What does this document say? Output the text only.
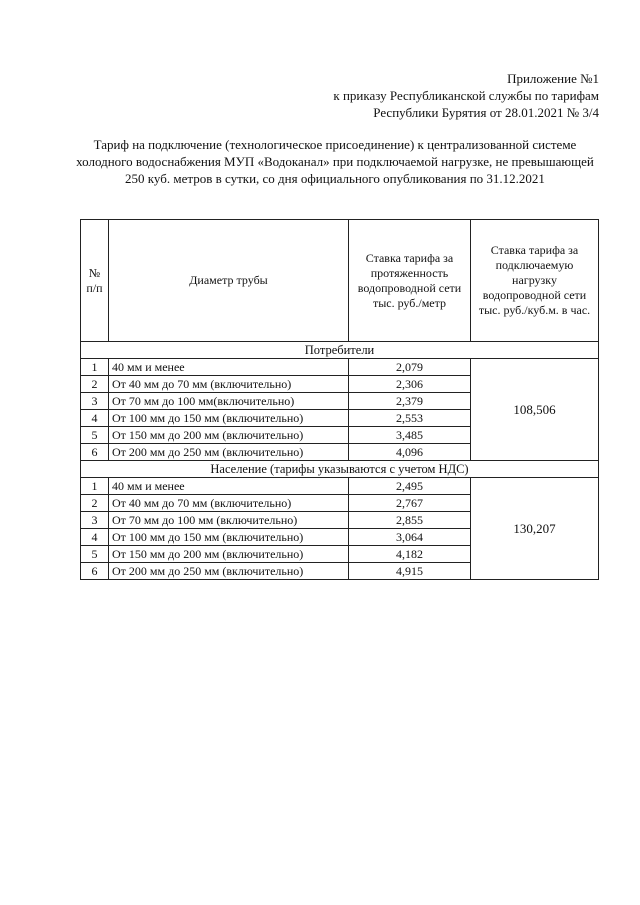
Приложение №1
к приказу Республиканской службы по тарифам
Республики Бурятия от 28.01.2021 № 3/4
Тариф на подключение (технологическое присоединение) к централизованной системе холодного водоснабжения МУП «Водоканал» при подключаемой нагрузке, не превышающей 250 куб. метров в сутки, со дня официального опубликования по 31.12.2021
№ п/п	Диаметр трубы	Ставка тарифа за протяженность водопроводной сети тыс. руб./метр	Ставка тарифа за подключаемую нагрузку водопроводной сети тыс. руб./куб.м. в час.
Потребители			
1	40 мм и менее	2,079	108,506
2	От 40 мм до 70 мм (включительно)	2,306	
3	От 70 мм до 100 мм(включительно)	2,379	
4	От 100 мм до 150 мм (включительно)	2,553	
5	От 150 мм до 200 мм (включительно)	3,485	
6	От 200 мм до 250 мм (включительно)	4,096	
Население (тарифы указываются с учетом НДС)			
1	40 мм и менее	2,495	130,207
2	От 40 мм до 70 мм (включительно)	2,767	
3	От 70 мм до 100 мм (включительно)	2,855	
4	От 100 мм до 150 мм (включительно)	3,064	
5	От 150 мм до 200 мм (включительно)	4,182	
6	От 200 мм до 250 мм (включительно)	4,915	
